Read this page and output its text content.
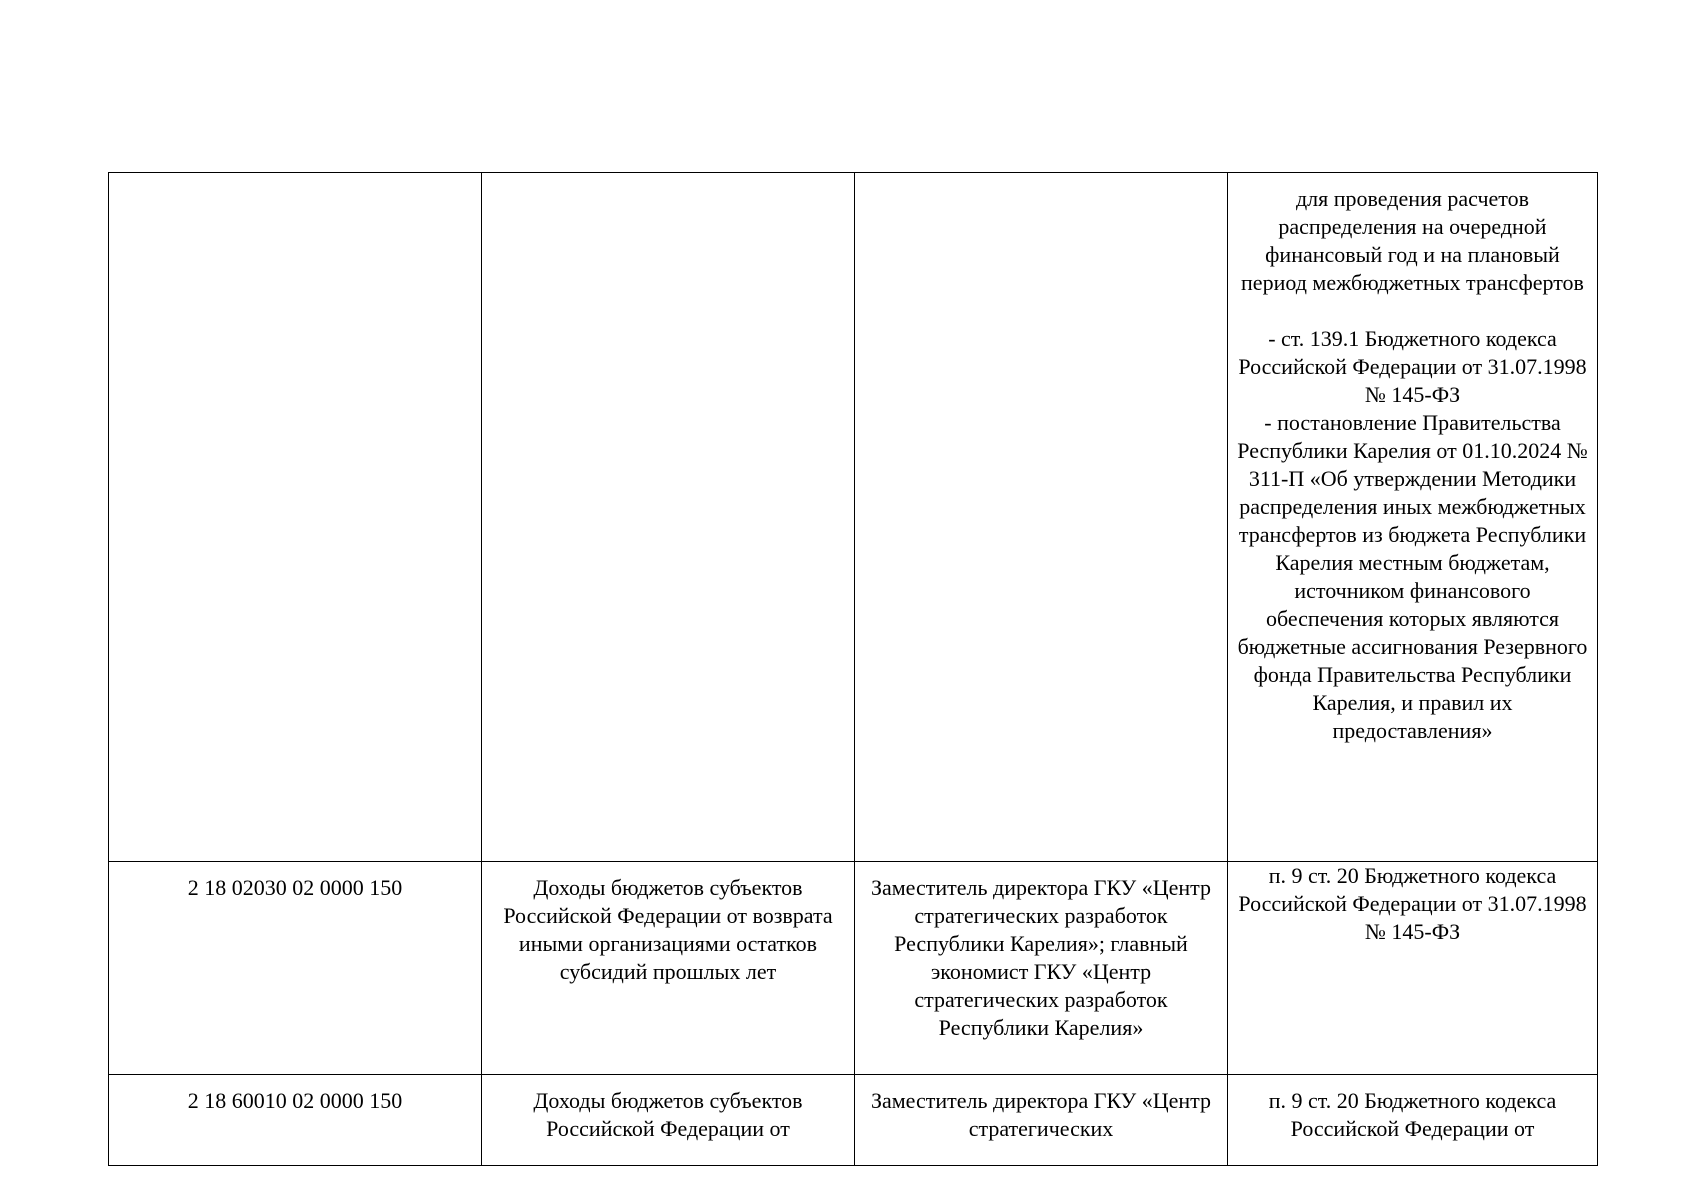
			для проведения расчетов распределения на очередной финансовый год и на плановый период межбюджетных трансфертов

- ст. 139.1 Бюджетного кодекса Российской Федерации от 31.07.1998 № 145-ФЗ
- постановление Правительства Республики Карелия от 01.10.2024 № 311-П «Об утверждении Методики распределения иных межбюджетных трансфертов из бюджета Республики Карелия местным бюджетам, источником финансового обеспечения которых являются бюджетные ассигнования Резервного фонда Правительства Республики Карелия, и правил их предоставления»
2 18 02030 02 0000 150	Доходы бюджетов субъектов Российской Федерации от возврата иными организациями остатков субсидий прошлых лет	Заместитель директора ГКУ «Центр стратегических разработок Республики Карелия»; главный экономист ГКУ «Центр стратегических разработок Республики Карелия»	п. 9 ст. 20 Бюджетного кодекса Российской Федерации от 31.07.1998 № 145-ФЗ
2 18 60010 02 0000 150	Доходы бюджетов субъектов Российской Федерации от	Заместитель директора ГКУ «Центр стратегических	п. 9 ст. 20 Бюджетного кодекса Российской Федерации от
